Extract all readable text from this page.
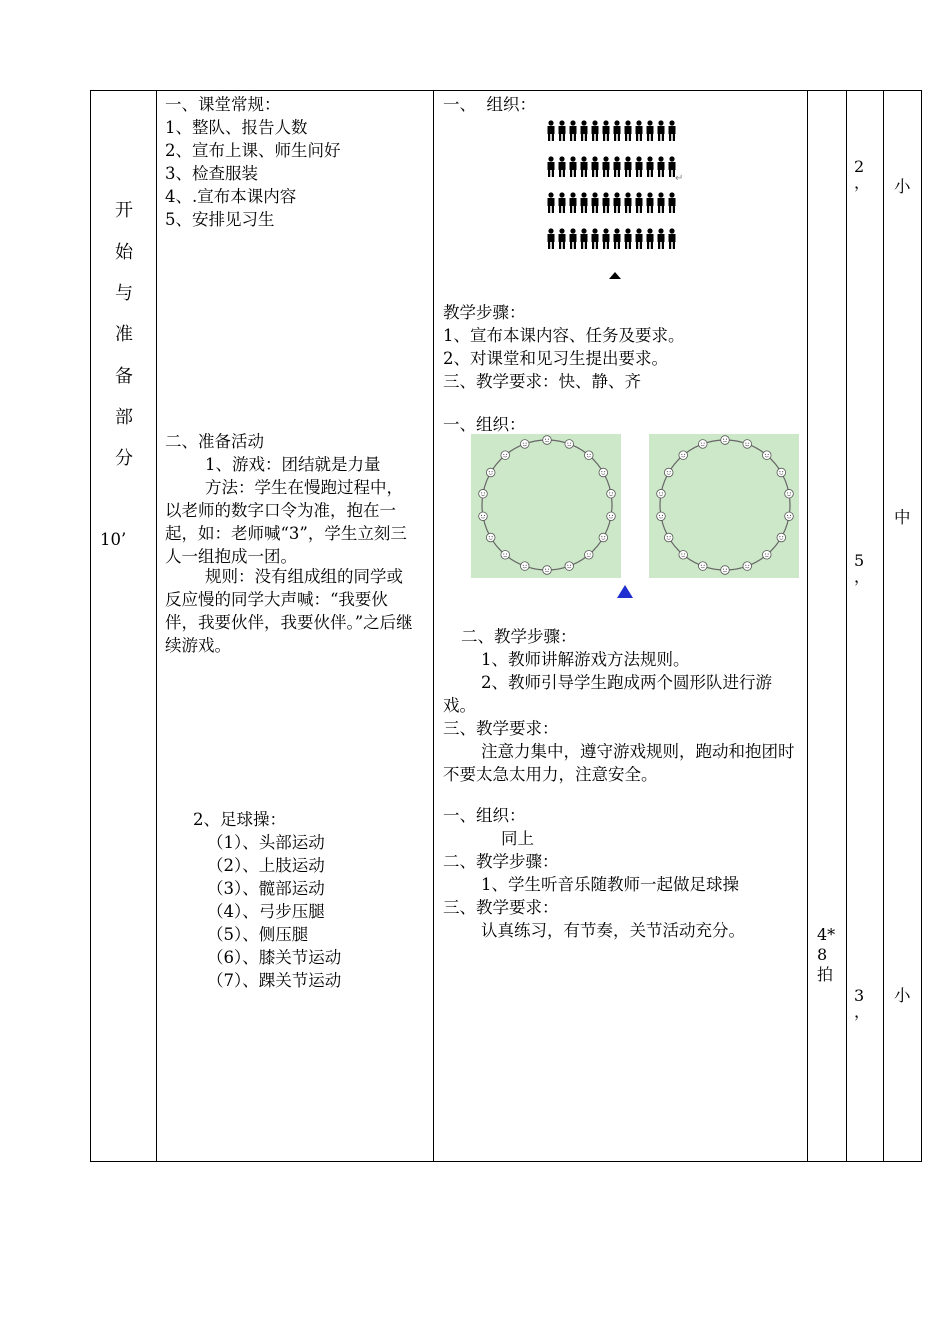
开
始
与
准
备
部
分
10’
一、课堂常规：
1、整队、报告人数
2、宣布上课、师生问好
3、检查服装
4、.宣布本课内容
5、安排见习生
二、准备活动
1、游戏：团结就是力量
方法：学生在慢跑过程中，以老师的数字口令为准，抱在一起，如：老师喊“3”，学生立刻三人一组抱成一团。
规则：没有组成组的同学或反应慢的同学大声喊：“我要伙伴，我要伙伴，我要伙伴。”之后继续游戏。
2、足球操：
（1）、头部运动
（2）、上肢运动
（3）、髋部运动
（4）、弓步压腿
（5）、侧压腿
（6）、膝关节运动
（7）、踝关节运动
一、  组织：
↵
教学步骤：
1、宣布本课内容、任务及要求。
2、对课堂和见习生提出要求。
三、教学要求：快、静、齐
一、组织：
二、教学步骤：
1、教师讲解游戏方法规则。
2、教师引导学生跑成两个圆形队进行游戏。
三、教学要求：
注意力集中，遵守游戏规则，跑动和抱团时不要太急太用力，注意安全。
一、组织：
同上
二、教学步骤：
1、学生听音乐随教师一起做足球操
三、教学要求：
认真练习，有节奏，关节活动充分。	4*
8
拍
2
，
5
，
3
，
小
中
小
